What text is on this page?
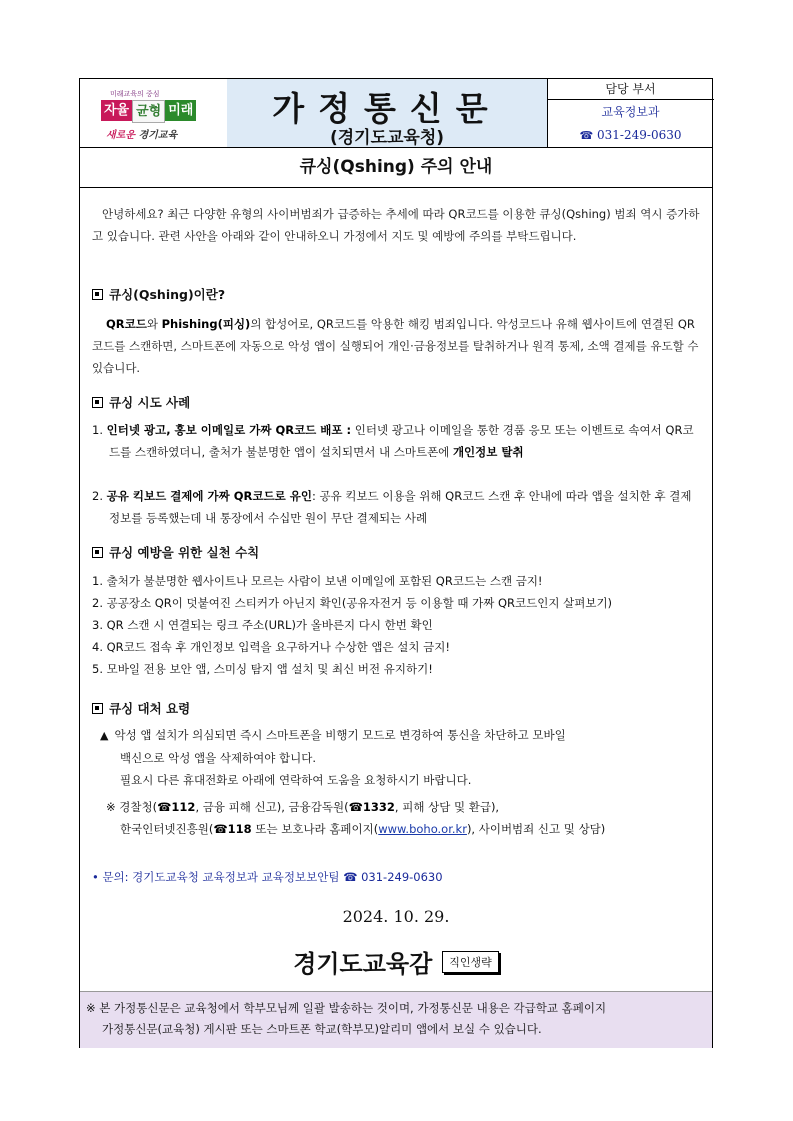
미래교육의 중심
자율 균형 미래
새로운 경기교육
가정통신문
(경기도교육청)
담당 부서
교육정보과
☎ 031-249-0630
큐싱(Qshing) 주의 안내
안녕하세요? 최근 다양한 유형의 사이버범죄가 급증하는 추세에 따라 QR코드를 이용한 큐싱(Qshing) 범죄 역시 증가하고 있습니다. 관련 사안을 아래와 같이 안내하오니 가정에서 지도 및 예방에 주의를 부탁드립니다.
큐싱(Qshing)이란?
QR코드와 Phishing(피싱)의 합성어로, QR코드를 악용한 해킹 범죄입니다. 악성코드나 유해 웹사이트에 연결된 QR코드를 스캔하면, 스마트폰에 자동으로 악성 앱이 실행되어 개인·금융정보를 탈취하거나 원격 통제, 소액 결제를 유도할 수 있습니다.
큐싱 시도 사례
1. 인터넷 광고, 홍보 이메일로 가짜 QR코드 배포 : 인터넷 광고나 이메일을 통한 경품 응모 또는 이벤트로 속여서 QR코드를 스캔하였더니, 출처가 불분명한 앱이 설치되면서 내 스마트폰에 개인정보 탈취
2. 공유 킥보드 결제에 가짜 QR코드로 유인: 공유 킥보드 이용을 위해 QR코드 스캔 후 안내에 따라 앱을 설치한 후 결제 정보를 등록했는데 내 통장에서 수십만 원이 무단 결제되는 사례
큐싱 예방을 위한 실천 수칙
1. 출처가 불분명한 웹사이트나 모르는 사람이 보낸 이메일에 포함된 QR코드는 스캔 금지!
2. 공공장소 QR이 덧붙여진 스티커가 아닌지 확인(공유자전거 등 이용할 때 가짜 QR코드인지 살펴보기)
3. QR 스캔 시 연결되는 링크 주소(URL)가 올바른지 다시 한번 확인
4. QR코드 접속 후 개인정보 입력을 요구하거나 수상한 앱은 설치 금지!
5. 모바일 전용 보안 앱, 스미싱 탐지 앱 설치 및 최신 버전 유지하기!
큐싱 대처 요령
▲ 악성 앱 설치가 의심되면 즉시 스마트폰을 비행기 모드로 변경하여 통신을 차단하고 모바일
백신으로 악성 앱을 삭제하여야 합니다.
필요시 다른 휴대전화로 아래에 연락하여 도움을 요청하시기 바랍니다.
※ 경찰청(☎112, 금융 피해 신고), 금융감독원(☎1332, 피해 상담 및 환급),
한국인터넷진흥원(☎118 또는 보호나라 홈페이지(www.boho.or.kr), 사이버범죄 신고 및 상담)
• 문의: 경기도교육청 교육정보과 교육정보보안팀 ☎ 031-249-0630
2024. 10. 29.
경기도교육감 직인생략
※ 본 가정통신문은 교육청에서 학부모님께 일괄 발송하는 것이며, 가정통신문 내용은 각급학교 홈페이지
가정통신문(교육청) 게시판 또는 스마트폰 학교(학부모)알리미 앱에서 보실 수 있습니다.
